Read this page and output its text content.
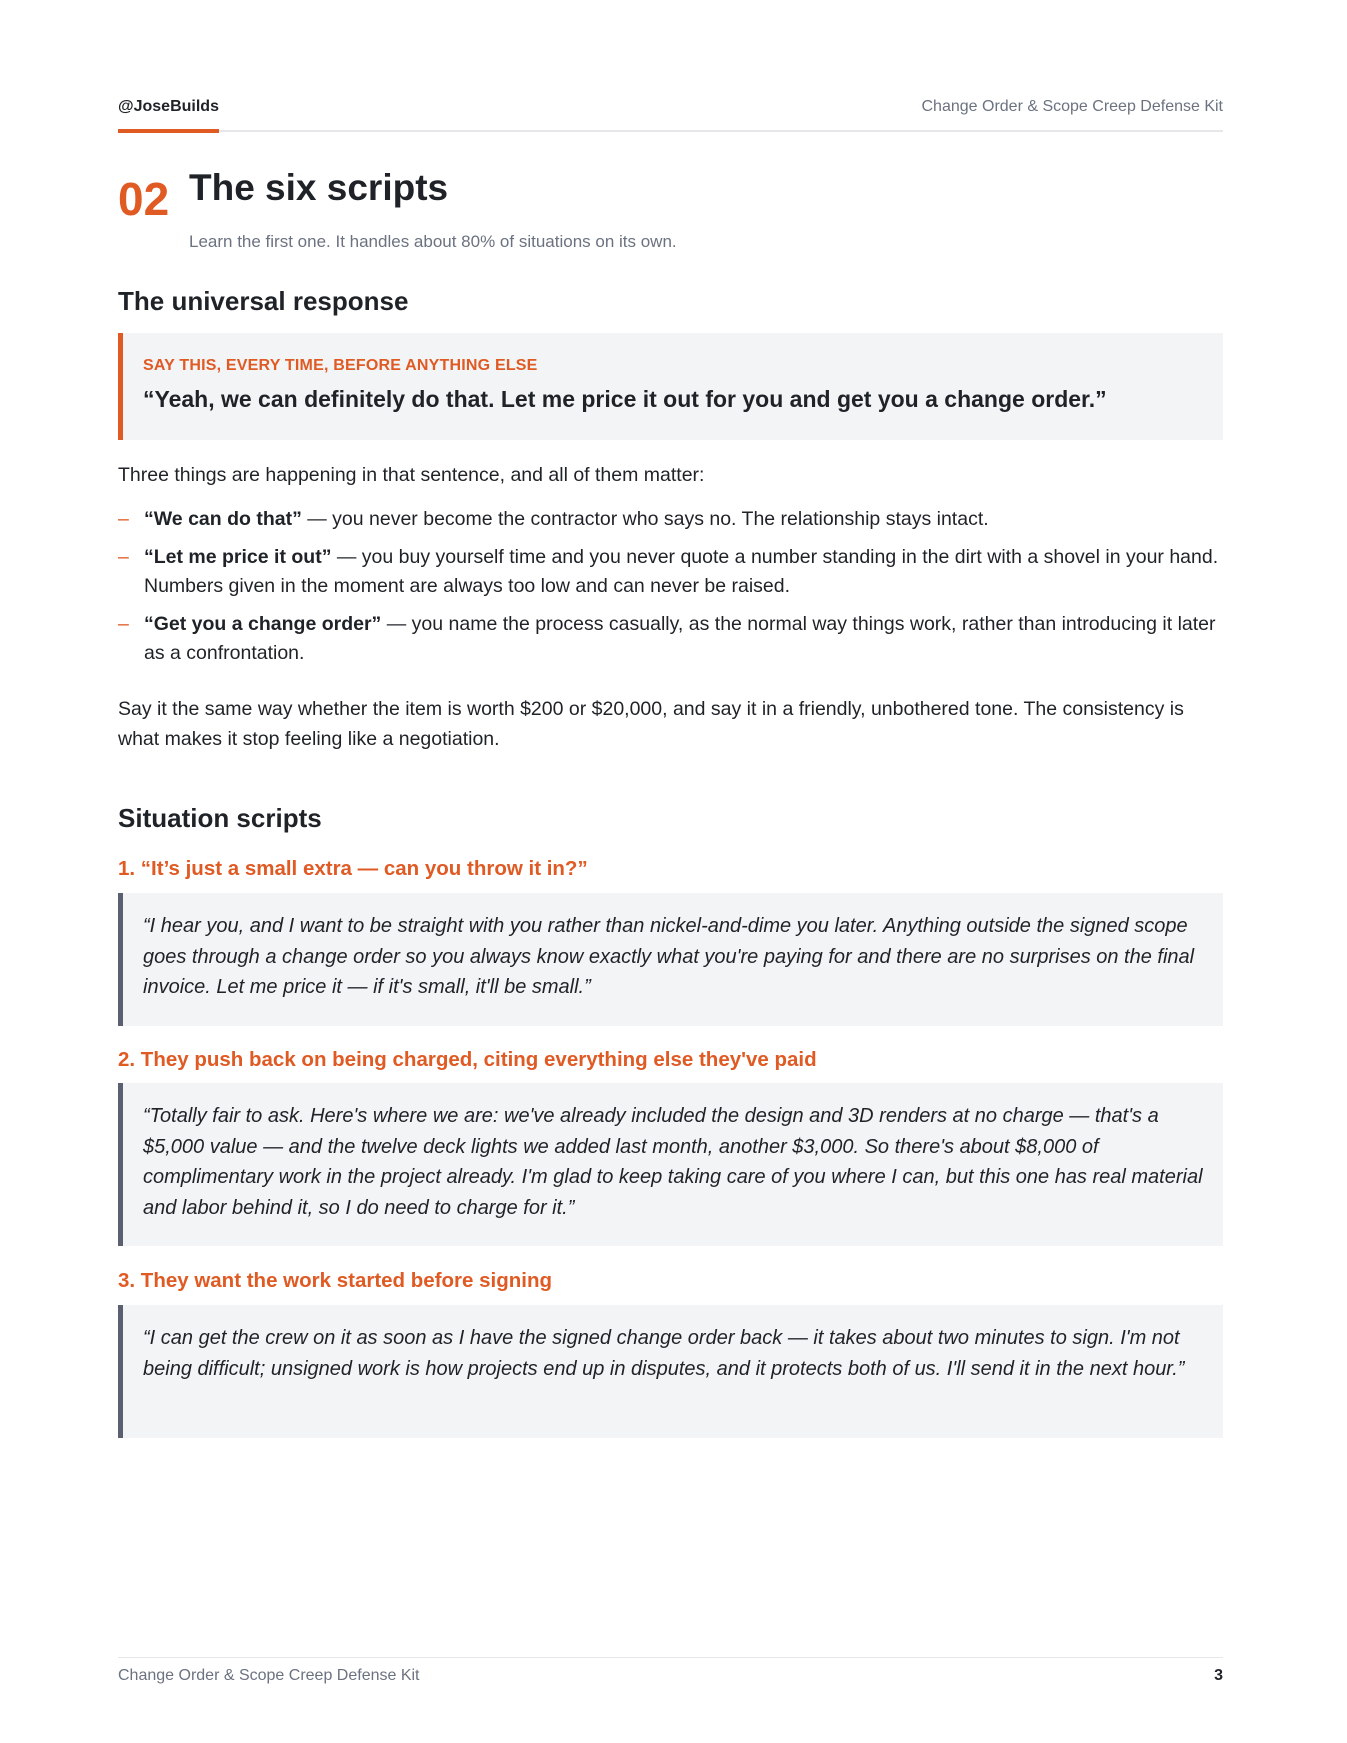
@JoseBuilds	Change Order & Scope Creep Defense Kit
02 The six scripts
Learn the first one. It handles about 80% of situations on its own.
The universal response
SAY THIS, EVERY TIME, BEFORE ANYTHING ELSE
“Yeah, we can definitely do that. Let me price it out for you and get you a change order.”

Three things are happening in that sentence, and all of them matter:

– “We can do that” — you never become the contractor who says no. The relationship stays intact.
– “Let me price it out” — you buy yourself time and you never quote a number standing in the dirt with a shovel in your hand. Numbers given in the moment are always too low and can never be raised.
– “Get you a change order” — you name the process casually, as the normal way things work, rather than introducing it later as a confrontation.

Say it the same way whether the item is worth $200 or $20,000, and say it in a friendly, unbothered tone. The consistency is what makes it stop feeling like a negotiation.

Situation scripts
1. “It’s just a small extra — can you throw it in?”
“I hear you, and I want to be straight with you rather than nickel-and-dime you later. Anything outside the signed scope goes through a change order so you always know exactly what you're paying for and there are no surprises on the final invoice. Let me price it — if it's small, it'll be small.”
2. They push back on being charged, citing everything else they've paid
“Totally fair to ask. Here's where we are: we've already included the design and 3D renders at no charge — that's a $5,000 value — and the twelve deck lights we added last month, another $3,000. So there's about $8,000 of complimentary work in the project already. I'm glad to keep taking care of you where I can, but this one has real material and labor behind it, so I do need to charge for it.”
3. They want the work started before signing
“I can get the crew on it as soon as I have the signed change order back — it takes about two minutes to sign. I'm not being difficult; unsigned work is how projects end up in disputes, and it protects both of us. I'll send it in the next hour.”
Change Order & Scope Creep Defense Kit	3
